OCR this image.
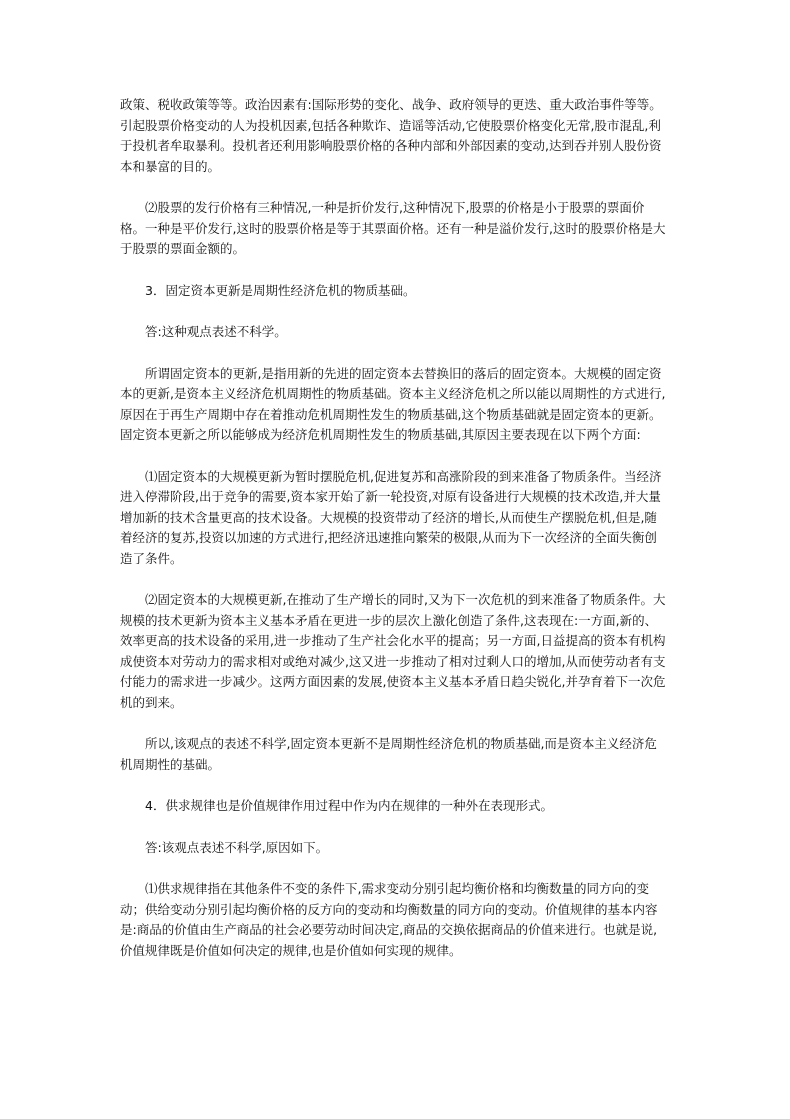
政策、税收政策等等。政治因素有:国际形势的变化、战争、政府领导的更迭、重大政治事件等等。引起股票价格变动的人为投机因素,包括各种欺诈、造谣等活动,它使股票价格变化无常,股市混乱,利于投机者牟取暴利。投机者还利用影响股票价格的各种内部和外部因素的变动,达到吞并别人股份资本和暴富的目的。

⑵股票的发行价格有三种情况,一种是折价发行,这种情况下,股票的价格是小于股票的票面价格。一种是平价发行,这时的股票价格是等于其票面价格。还有一种是溢价发行,这时的股票价格是大于股票的票面金额的。

3．固定资本更新是周期性经济危机的物质基础。

答:这种观点表述不科学。

所谓固定资本的更新,是指用新的先进的固定资本去替换旧的落后的固定资本。大规模的固定资本的更新,是资本主义经济危机周期性的物质基础。资本主义经济危机之所以能以周期性的方式进行,原因在于再生产周期中存在着推动危机周期性发生的物质基础,这个物质基础就是固定资本的更新。固定资本更新之所以能够成为经济危机周期性发生的物质基础,其原因主要表现在以下两个方面:

⑴固定资本的大规模更新为暂时摆脱危机,促进复苏和高涨阶段的到来准备了物质条件。当经济进入停滞阶段,出于竞争的需要,资本家开始了新一轮投资,对原有设备进行大规模的技术改造,并大量增加新的技术含量更高的技术设备。大规模的投资带动了经济的增长,从而使生产摆脱危机,但是,随着经济的复苏,投资以加速的方式进行,把经济迅速推向繁荣的极限,从而为下一次经济的全面失衡创造了条件。

⑵固定资本的大规模更新,在推动了生产增长的同时,又为下一次危机的到来准备了物质条件。大规模的技术更新为资本主义基本矛盾在更进一步的层次上激化创造了条件,这表现在:一方面,新的、效率更高的技术设备的采用,进一步推动了生产社会化水平的提高；另一方面,日益提高的资本有机构成使资本对劳动力的需求相对或绝对减少,这又进一步推动了相对过剩人口的增加,从而使劳动者有支付能力的需求进一步减少。这两方面因素的发展,使资本主义基本矛盾日趋尖锐化,并孕育着下一次危机的到来。

所以,该观点的表述不科学,固定资本更新不是周期性经济危机的物质基础,而是资本主义经济危机周期性的基础。

4．供求规律也是价值规律作用过程中作为内在规律的一种外在表现形式。

答:该观点表述不科学,原因如下。

⑴供求规律指在其他条件不变的条件下,需求变动分别引起均衡价格和均衡数量的同方向的变动；供给变动分别引起均衡价格的反方向的变动和均衡数量的同方向的变动。价值规律的基本内容是:商品的价值由生产商品的社会必要劳动时间决定,商品的交换依据商品的价值来进行。也就是说,价值规律既是价值如何决定的规律,也是价值如何实现的规律。
